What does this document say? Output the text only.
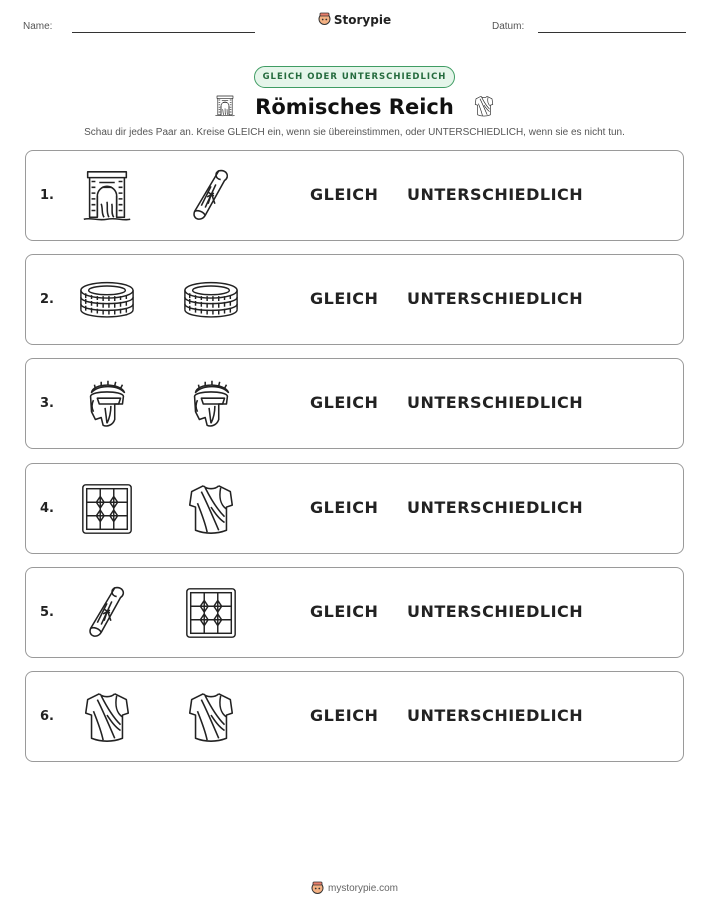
Name:	Storypie	Datum:
GLEICH ODER UNTERSCHIEDLICH
Römisches Reich
Schau dir jedes Paar an. Kreise GLEICH ein, wenn sie übereinstimmen, oder UNTERSCHIEDLICH, wenn sie es nicht tun.
1.	GLEICH UNTERSCHIEDLICH
2.	GLEICH UNTERSCHIEDLICH
3.	GLEICH UNTERSCHIEDLICH
4.	GLEICH UNTERSCHIEDLICH
5.	GLEICH UNTERSCHIEDLICH
6.	GLEICH UNTERSCHIEDLICH
mystorypie.com
